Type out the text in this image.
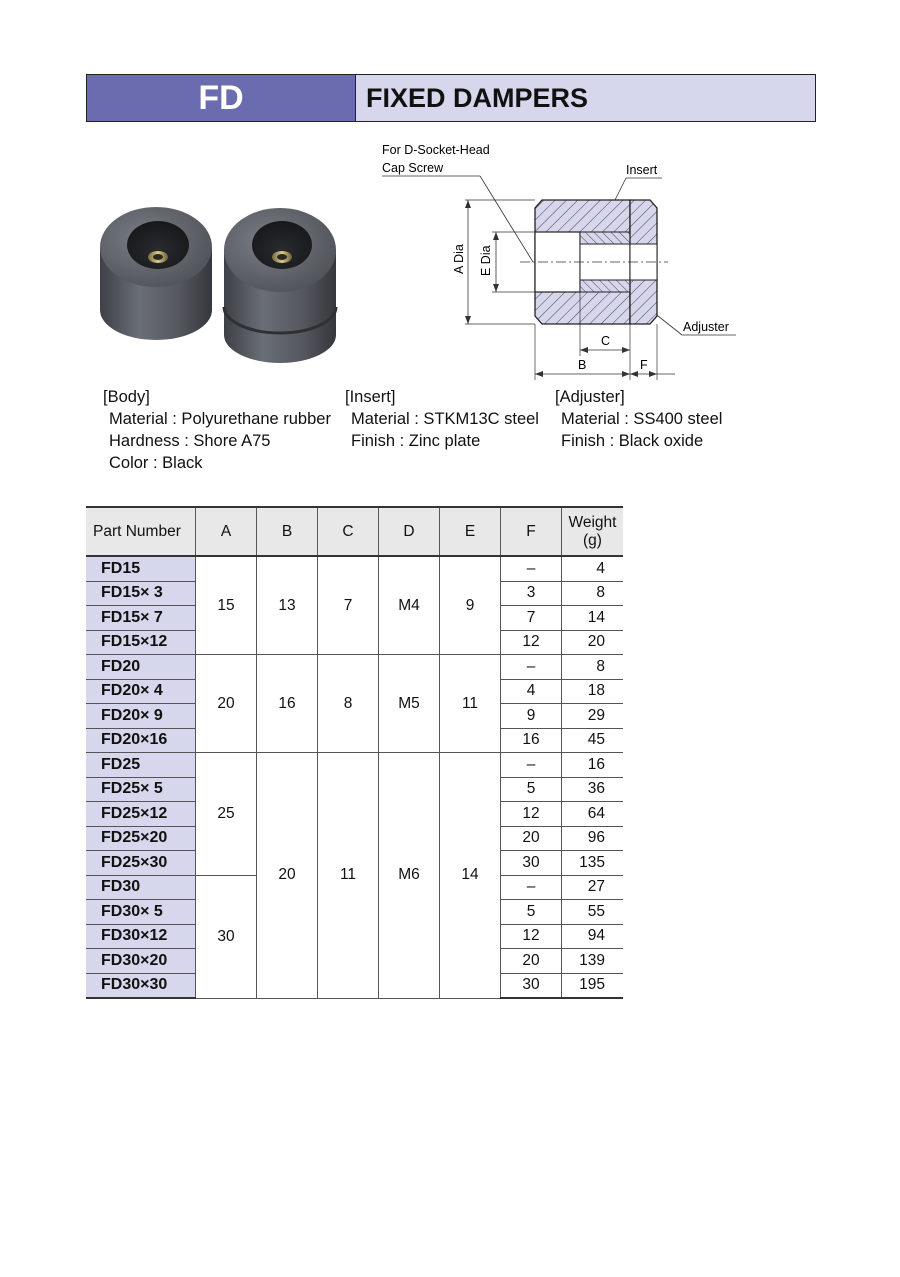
FD	FIXED DAMPERS
For D-Socket-Head
Cap Screw	Insert
Adjuster
A Dia E Dia
C
B	F
[Body]
Material : Polyurethane rubber
Hardness : Shore A75
Color : Black
[Insert]
Material : STKM13C steel
Finish : Zinc plate
[Adjuster]
Material : SS400 steel
Finish : Black oxide
Part Number	A	B	C	D	E	F	Weight
(g)

FD15	15	13	7	M4	9	–	4
FD15× 3						3	8
FD15× 7						7	14
FD15×12						12	20
FD20	20	16	8	M5	11	–	8
FD20× 4						4	18
FD20× 9						9	29
FD20×16						16	45
FD25	25	20	11	M6	14	–	16
FD25× 5						5	36
FD25×12						12	64
FD25×20						20	96
FD25×30						30	135
FD30	30					–	27
FD30× 5						5	55
FD30×12						12	94
FD30×20						20	139
FD30×30						30	195
